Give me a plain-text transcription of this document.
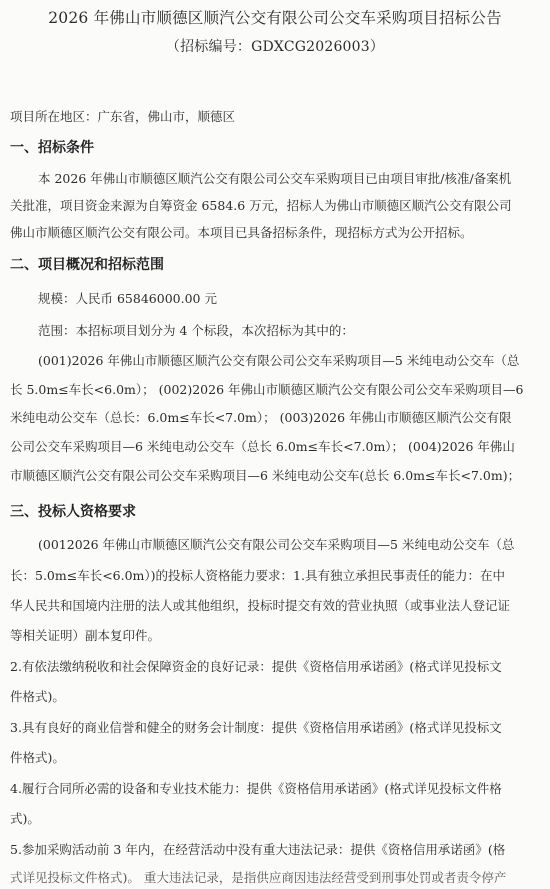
2026 年佛山市顺德区顺汽公交有限公司公交车采购项目招标公告
（招标编号：GDXCG2026003）
项目所在地区：广东省，佛山市，顺德区
一、招标条件
本 2026 年佛山市顺德区顺汽公交有限公司公交车采购项目已由项目审批/核准/备案机
关批准，项目资金来源为自筹资金 6584.6 万元，招标人为佛山市顺德区顺汽公交有限公司
佛山市顺德区顺汽公交有限公司。本项目已具备招标条件，现招标方式为公开招标。
二、项目概况和招标范围
规模：人民币 65846000.00 元
范围：本招标项目划分为 4 个标段，本次招标为其中的：
(001)2026 年佛山市顺德区顺汽公交有限公司公交车采购项目—5 米纯电动公交车（总
长 5.0m≤车长<6.0m）； (002)2026 年佛山市顺德区顺汽公交有限公司公交车采购项目—6
米纯电动公交车（总长：6.0m≤车长<7.0m）； (003)2026 年佛山市顺德区顺汽公交有限
公司公交车采购项目—6 米纯电动公交车（总长 6.0m≤车长<7.0m）； (004)2026 年佛山
市顺德区顺汽公交有限公司公交车采购项目—6 米纯电动公交车(总长 6.0m≤车长<7.0m)；
三、投标人资格要求
(0012026 年佛山市顺德区顺汽公交有限公司公交车采购项目—5 米纯电动公交车（总
长：5.0m≤车长<6.0m）)的投标人资格能力要求：1.具有独立承担民事责任的能力：在中
华人民共和国境内注册的法人或其他组织，投标时提交有效的营业执照（或事业法人登记证
等相关证明）副本复印件。
2.有依法缴纳税收和社会保障资金的良好记录：提供《资格信用承诺函》(格式详见投标文
件格式)。
3.具有良好的商业信誉和健全的财务会计制度：提供《资格信用承诺函》(格式详见投标文
件格式)。
4.履行合同所必需的设备和专业技术能力：提供《资格信用承诺函》(格式详见投标文件格
式)。
5.参加采购活动前 3 年内，在经营活动中没有重大违法记录：提供《资格信用承诺函》(格
式详见投标文件格式)。 重大违法记录，是指供应商因违法经营受到刑事处罚或者责令停产
